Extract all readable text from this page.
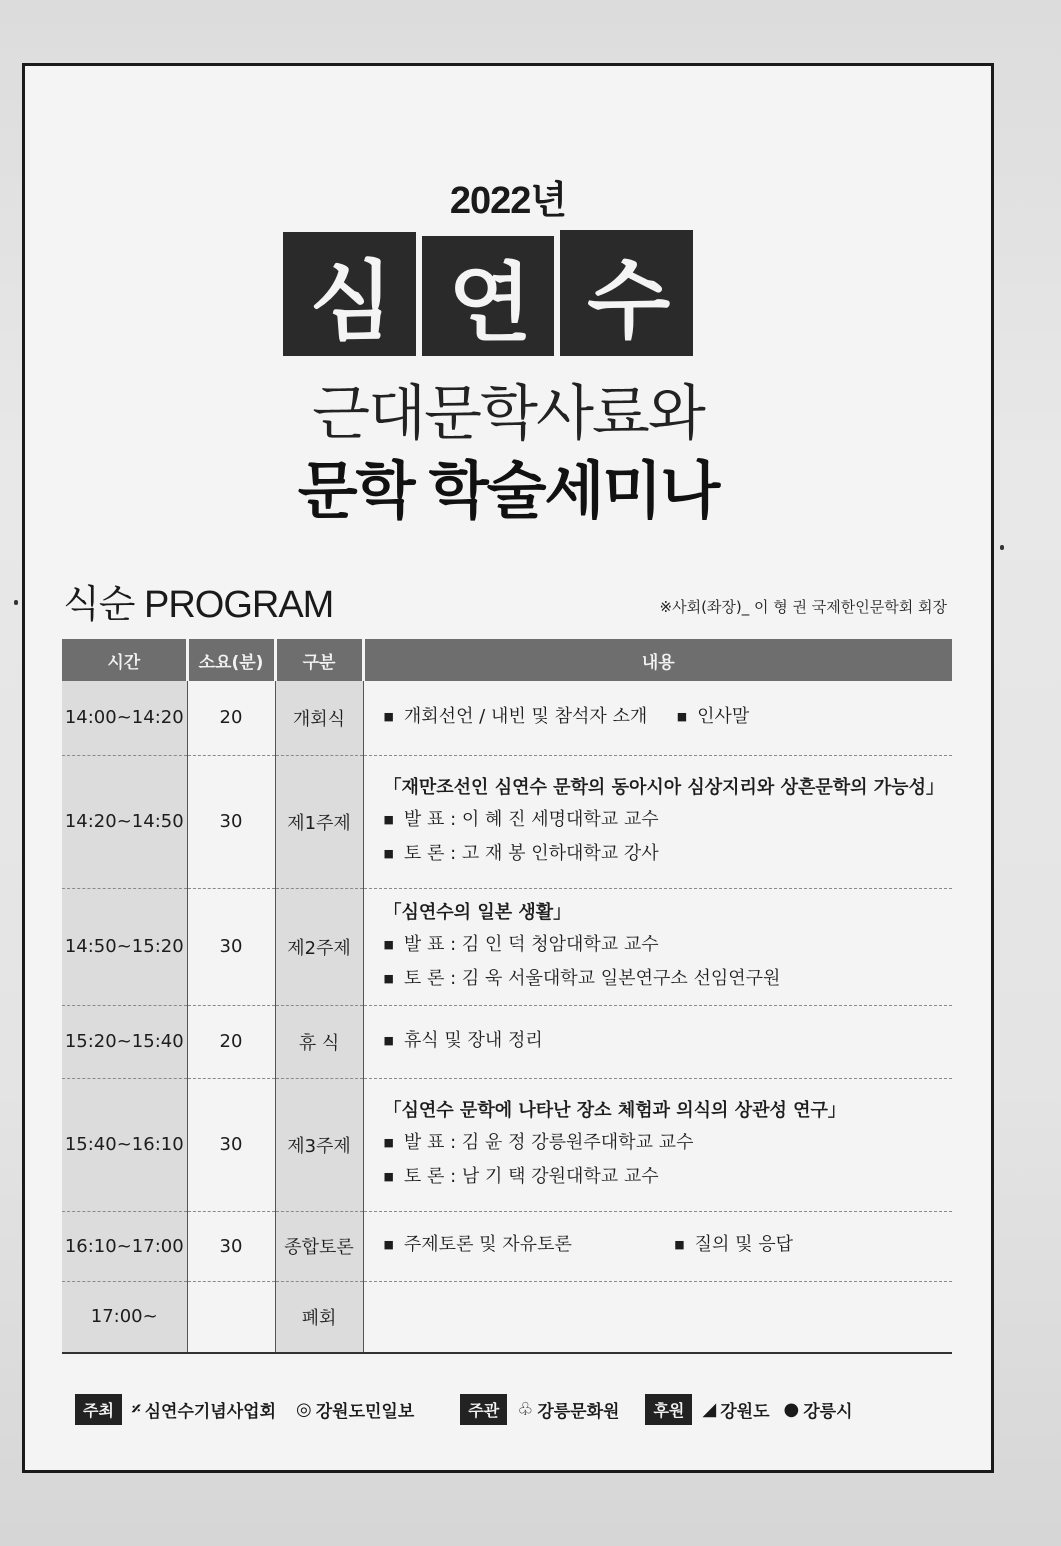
2022년
심 연 수
근대문학사료와
문학 학술세미나
식순 PROGRAM	※사회(좌장)_ 이 형 권 국제한인문학회 회장
시간	소요(분)	구분	내용
14:00~14:20	20	개회식	■ 개회선언 / 내빈 및 참석자 소개 ■ 인사말
14:20~14:50	30	제1주제	「재만조선인 심연수 문학의 동아시아 심상지리와 상흔문학의 가능성」
■ 발 표 : 이 혜 진 세명대학교 교수
■ 토 론 : 고 재 봉 인하대학교 강사

14:50~15:20	30	제2주제	「심연수의 일본 생활」
■ 발 표 : 김 인 덕 청암대학교 교수
■ 토 론 : 김 욱 서울대학교 일본연구소 선임연구원

15:20~15:40	20	휴 식	■ 휴식 및 장내 정리

15:40~16:10	30	제3주제	「심연수 문학에 나타난 장소 체험과 의식의 상관성 연구」
■ 발 표 : 김 윤 정 강릉원주대학교 교수
■ 토 론 : 남 기 택 강원대학교 교수

16:10~17:00	30	종합토론	■ 주제토론 및 자유토론 ■ 질의 및 응답
17:00~		폐회	
주최	𝄎 심연수기념사업회 ◎ 강원도민일보	주관	♧ 강릉문화원	후원	◢ 강원도 ● 강릉시
